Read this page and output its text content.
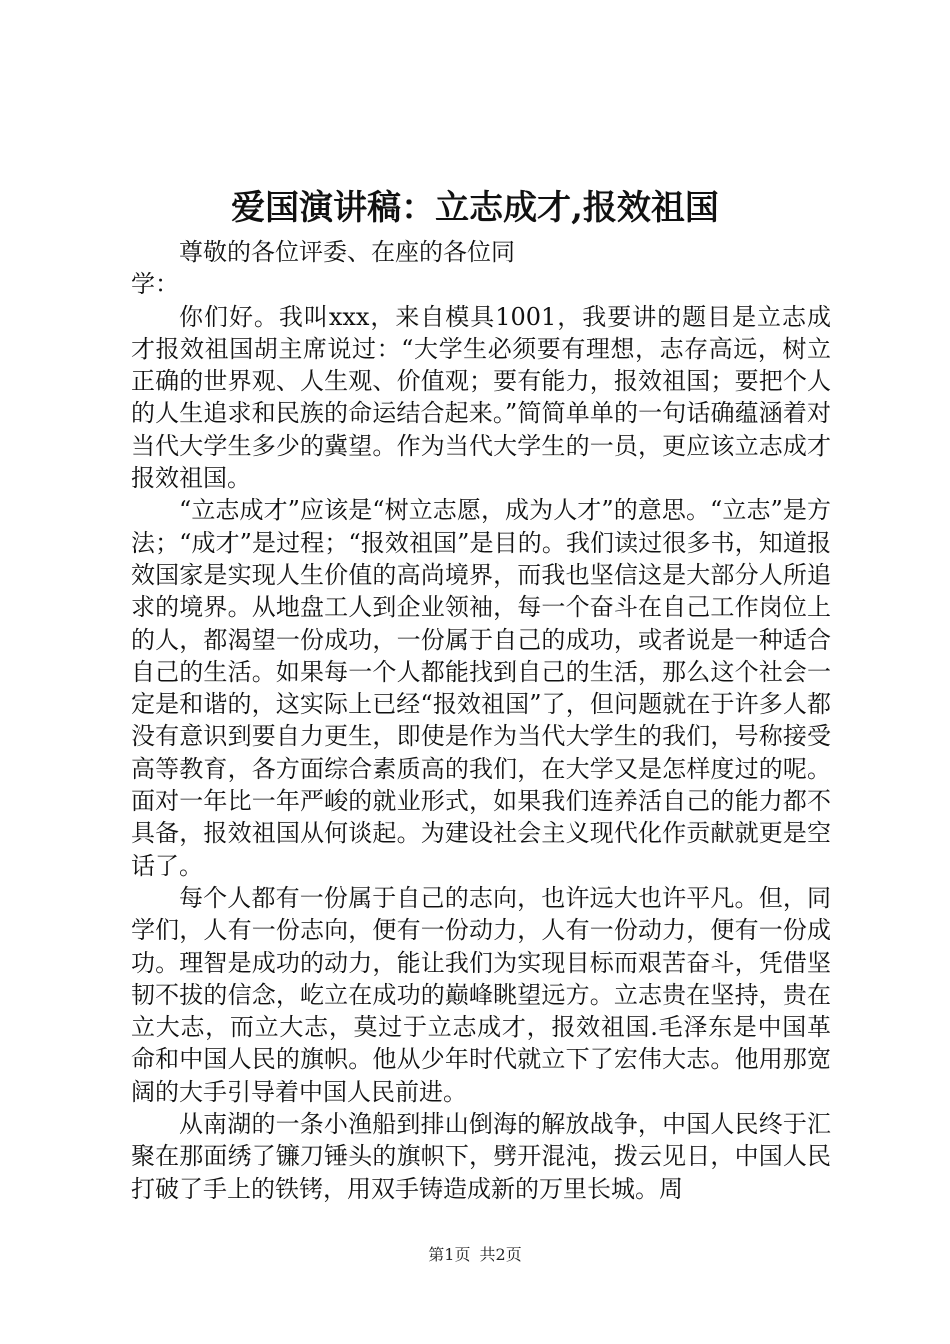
爱国演讲稿：立志成才,报效祖国

尊敬的各位评委、在座的各位同学：

你们好。我叫xxx，来自模具1001，我要讲的题目是立志成才报效祖国胡主席说过：“大学生必须要有理想，志存高远，树立正确的世界观、人生观、价值观；要有能力，报效祖国；要把个人的人生追求和民族的命运结合起来。”简简单单的一句话确蕴涵着对当代大学生多少的冀望。作为当代大学生的一员，更应该立志成才报效祖国。

“立志成才”应该是“树立志愿，成为人才”的意思。“立志”是方法；“成才”是过程；“报效祖国”是目的。我们读过很多书，知道报效国家是实现人生价值的高尚境界，而我也坚信这是大部分人所追求的境界。从地盘工人到企业领袖，每一个奋斗在自己工作岗位上的人，都渴望一份成功，一份属于自己的成功，或者说是一种适合自己的生活。如果每一个人都能找到自己的生活，那么这个社会一定是和谐的，这实际上已经“报效祖国”了，但问题就在于许多人都没有意识到要自力更生，即使是作为当代大学生的我们，号称接受高等教育，各方面综合素质高的我们，在大学又是怎样度过的呢。面对一年比一年严峻的就业形式，如果我们连养活自己的能力都不具备，报效祖国从何谈起。为建设社会主义现代化作贡献就更是空话了。

每个人都有一份属于自己的志向，也许远大也许平凡。但，同学们，人有一份志向，便有一份动力，人有一份动力，便有一份成功。理智是成功的动力，能让我们为实现目标而艰苦奋斗，凭借坚韧不拔的信念，屹立在成功的巅峰眺望远方。立志贵在坚持，贵在立大志，而立大志，莫过于立志成才，报效祖国.毛泽东是中国革命和中国人民的旗帜。他从少年时代就立下了宏伟大志。他用那宽阔的大手引导着中国人民前进。

从南湖的一条小渔船到排山倒海的解放战争，中国人民终于汇聚在那面绣了镰刀锤头的旗帜下，劈开混沌，拨云见日，中国人民打破了手上的铁铐，用双手铸造成新的万里长城。周

第1页 共2页
